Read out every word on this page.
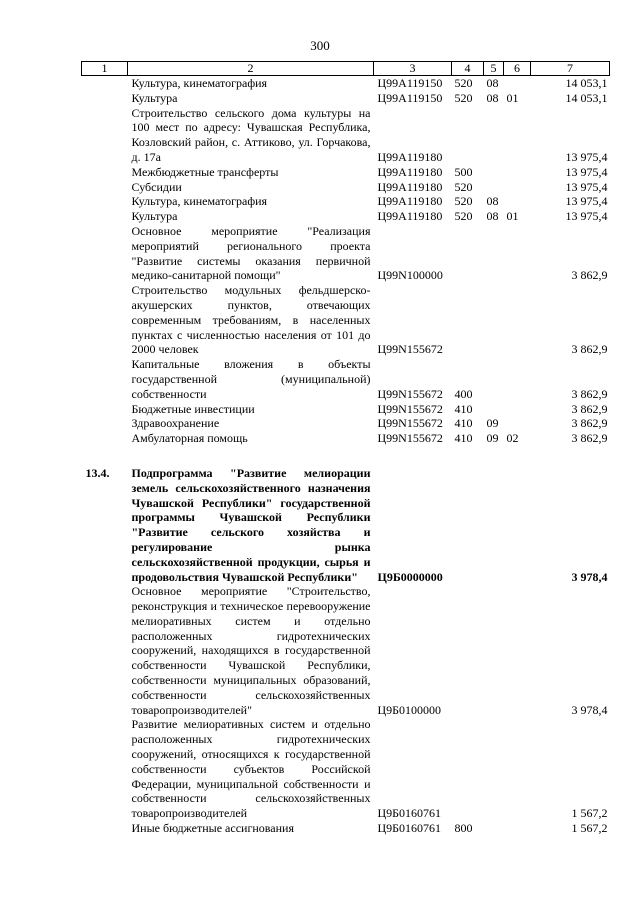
300
1	2	3	4	5	6	7
	Культура, кинематография	Ц99А119150	520	08		14 053,1
	Культура	Ц99А119150	520	08	01	14 053,1
	Строительство сельского дома культуры на 100 мест по адресу: Чувашская Республика, Козловский район, с. Аттиково, ул. Горчакова, д. 17а	Ц99А119180				13 975,4
	Межбюджетные трансферты	Ц99А119180	500			13 975,4
	Субсидии	Ц99А119180	520			13 975,4
	Культура, кинематография	Ц99А119180	520	08		13 975,4
	Культура	Ц99А119180	520	08	01	13 975,4
	Основное мероприятие "Реализация мероприятий регионального проекта "Развитие системы оказания первичной медико-санитарной помощи"	Ц99N100000				3 862,9
	Строительство модульных фельдшерско-акушерских пунктов, отвечающих современным требованиям, в населенных пунктах с численностью населения от 101 до 2000 человек	Ц99N155672				3 862,9
	Капитальные вложения в объекты государственной (муниципальной) собственности	Ц99N155672	400			3 862,9
	Бюджетные инвестиции	Ц99N155672	410			3 862,9
	Здравоохранение	Ц99N155672	410	09		3 862,9
	Амбулаторная помощь	Ц99N155672	410	09	02	3 862,9

13.4.	Подпрограмма "Развитие мелиорации земель сельскохозяйственного назначения Чувашской Республики" государственной программы Чувашской Республики "Развитие сельского хозяйства и регулирование рынка сельскохозяйственной продукции, сырья и продовольствия Чувашской Республики"	Ц9Б0000000				3 978,4
	Основное мероприятие "Строительство, реконструкция и техническое перевооружение мелиоративных систем и отдельно расположенных гидротехнических сооружений, находящихся в государственной собственности Чувашской Республики, собственности муниципальных образований, собственности сельскохозяйственных товаропроизводителей"	Ц9Б0100000				3 978,4
	Развитие мелиоративных систем и отдельно расположенных гидротехнических сооружений, относящихся к государственной собственности субъектов Российской Федерации, муниципальной собственности и собственности сельскохозяйственных товаропроизводителей	Ц9Б0160761				1 567,2
	Иные бюджетные ассигнования	Ц9Б0160761	800			1 567,2
